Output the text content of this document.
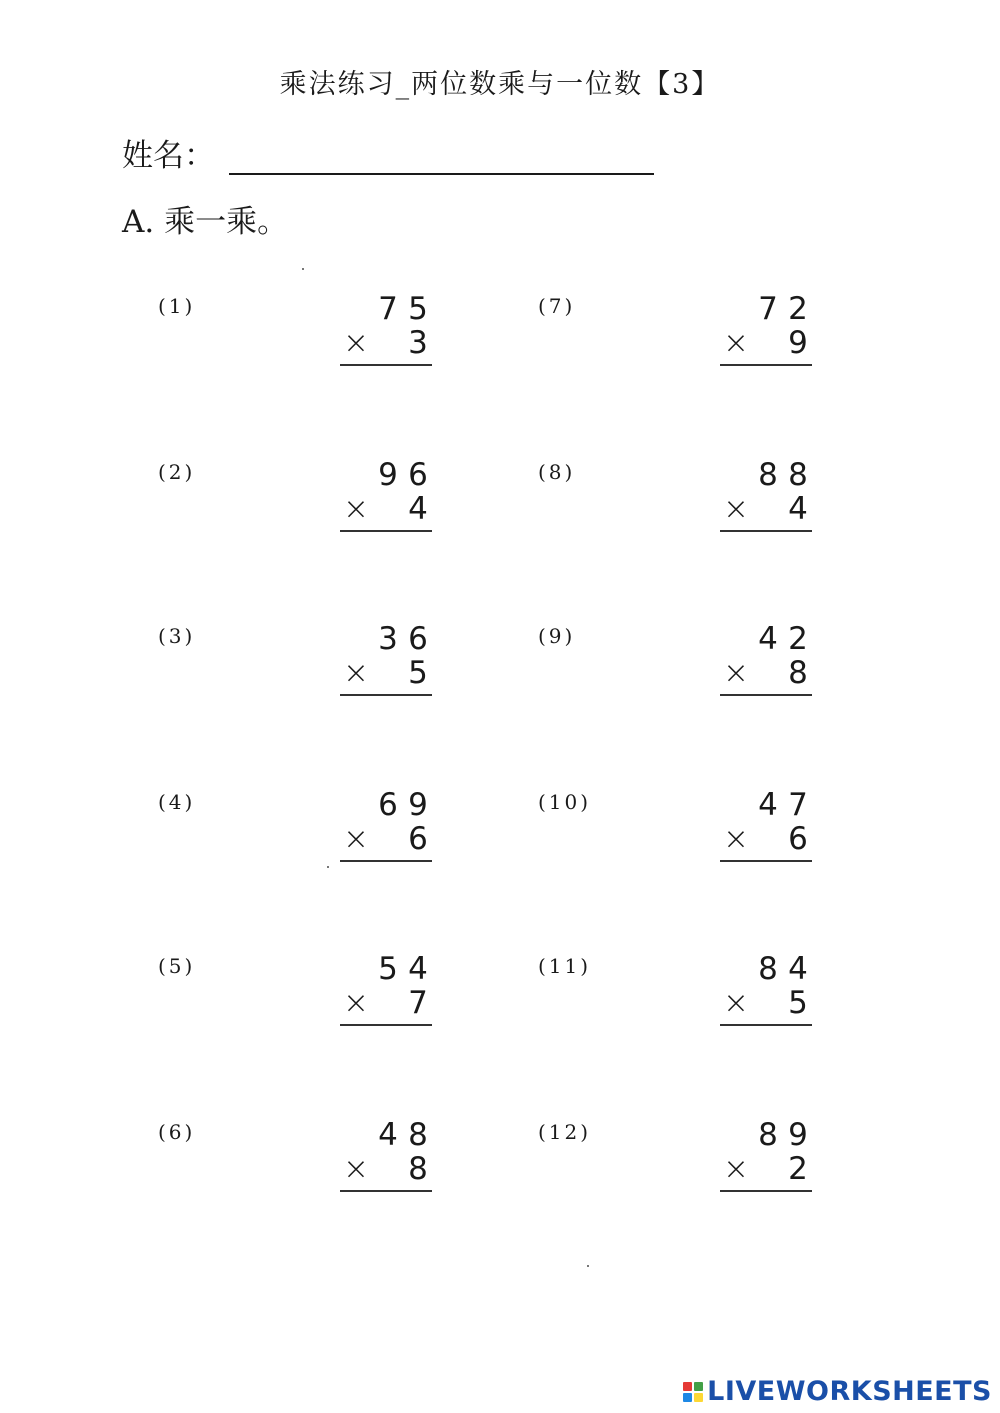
乘法练习_两位数乘与一位数【3】
姓名：
A. 乘一乘。
(1)	7 5
× 3
(2)	9 6
× 4
(3)	3 6
× 5
(4)	6 9
× 6
(5)	5 4
× 7
(6)	4 8
× 8
(7)	7 2
× 9
(8)	8 8
× 4
(9)	4 2
× 8
(10)	4 7
× 6
(11)	8 4
× 5
(12)	8 9
× 2
LIVEWORKSHEETS
